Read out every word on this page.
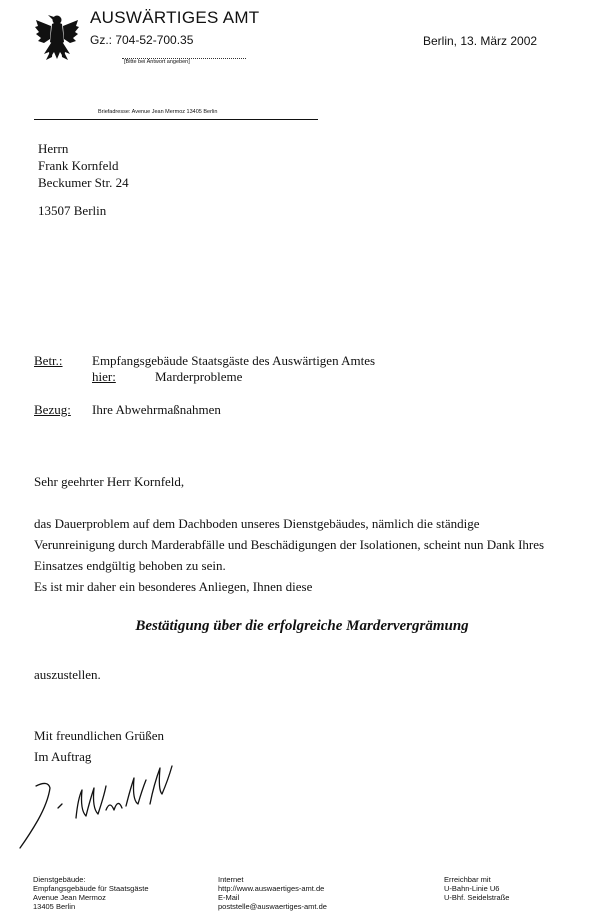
AUSWÄRTIGES AMT
Gz.: 704-52-700.35
[Bitte bei Antwort angeben]
Berlin, 13. März 2002
Briefadresse: Avenue Jean Mermoz 13405 Berlin
Herrn
Frank Kornfeld
Beckumer Str. 24
13507 Berlin
Betr.: Empfangsgebäude Staatsgäste des Auswärtigen Amtes
hier:	Marderprobleme
Bezug: Ihre Abwehrmaßnahmen
Sehr geehrter Herr Kornfeld,
das Dauerproblem auf dem Dachboden unseres Dienstgebäudes, nämlich die ständige
Verunreinigung durch Marderabfälle und Beschädigungen der Isolationen, scheint nun Dank Ihres
Einsatzes endgültig behoben zu sein.
Es ist mir daher ein besonderes Anliegen, Ihnen diese
Bestätigung über die erfolgreiche Mardervergrämung
auszustellen.
Mit freundlichen Grüßen
Im Auftrag
Dienstgebäude:
Empfangsgebäude für Staatsgäste
Avenue Jean Mermoz
13405 Berlin
Internet
http://www.auswaertiges-amt.de
E-Mail
poststelle@auswaertiges-amt.de
Erreichbar mit
U-Bahn-Linie U6
U-Bhf. Seidelstraße
